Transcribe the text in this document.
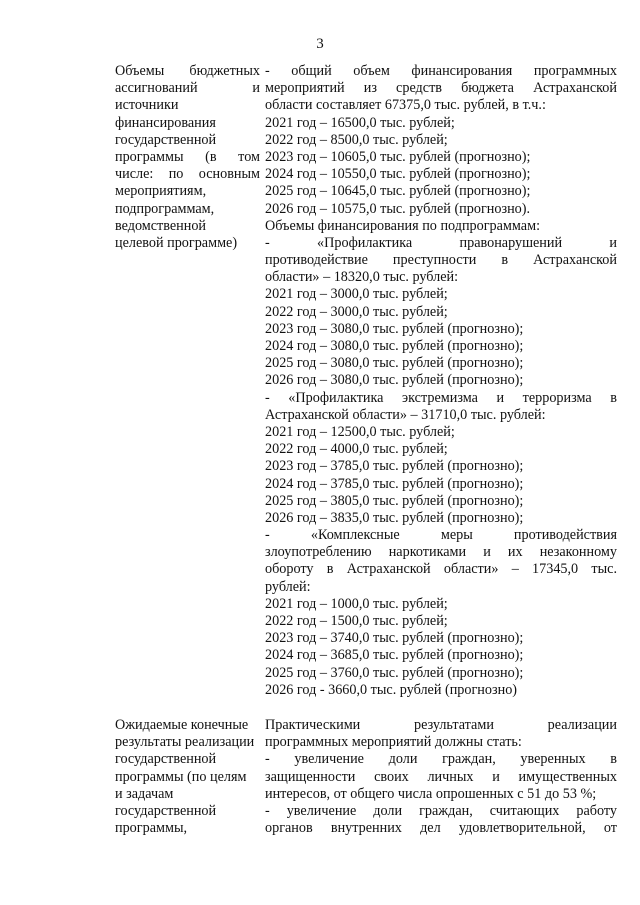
3
Объемы бюджетных
ассигнований и
источники
финансирования
государственной
программы (в том
числе: по основным
мероприятиям,
подпрограммам,
ведомственной
целевой программе)
- общий объем финансирования программных
мероприятий из средств бюджета Астраханской
области составляет 67375,0 тыс. рублей, в т.ч.:
2021 год – 16500,0 тыс. рублей;
2022 год – 8500,0 тыс. рублей;
2023 год – 10605,0 тыс. рублей (прогнозно);
2024 год – 10550,0 тыс. рублей (прогнозно);
2025 год – 10645,0 тыс. рублей (прогнозно);
2026 год – 10575,0 тыс. рублей (прогнозно).
Объемы финансирования по подпрограммам:
- «Профилактика правонарушений и
противодействие преступности в Астраханской
области» – 18320,0 тыс. рублей:
2021 год – 3000,0 тыс. рублей;
2022 год – 3000,0 тыс. рублей;
2023 год – 3080,0 тыс. рублей (прогнозно);
2024 год – 3080,0 тыс. рублей (прогнозно);
2025 год – 3080,0 тыс. рублей (прогнозно);
2026 год – 3080,0 тыс. рублей (прогнозно);
- «Профилактика экстремизма и терроризма в
Астраханской области» – 31710,0 тыс. рублей:
2021 год – 12500,0 тыс. рублей;
2022 год – 4000,0 тыс. рублей;
2023 год – 3785,0 тыс. рублей (прогнозно);
2024 год – 3785,0 тыс. рублей (прогнозно);
2025 год – 3805,0 тыс. рублей (прогнозно);
2026 год – 3835,0 тыс. рублей (прогнозно);
- «Комплексные меры противодействия
злоупотреблению наркотиками и их незаконному
обороту в Астраханской области» – 17345,0 тыс.
рублей:
2021 год – 1000,0 тыс. рублей;
2022 год – 1500,0 тыс. рублей;
2023 год – 3740,0 тыс. рублей (прогнозно);
2024 год – 3685,0 тыс. рублей (прогнозно);
2025 год – 3760,0 тыс. рублей (прогнозно);
2026 год - 3660,0 тыс. рублей (прогнозно)
Ожидаемые конечные
результаты реализации
государственной
программы (по целям
и задачам
государственной
программы,
Практическими результатами реализации
программных мероприятий должны стать:
- увеличение доли граждан, уверенных в
защищенности своих личных и имущественных
интересов, от общего числа опрошенных с 51 до 53 %;
- увеличение доли граждан, считающих работу
органов внутренних дел удовлетворительной, от
